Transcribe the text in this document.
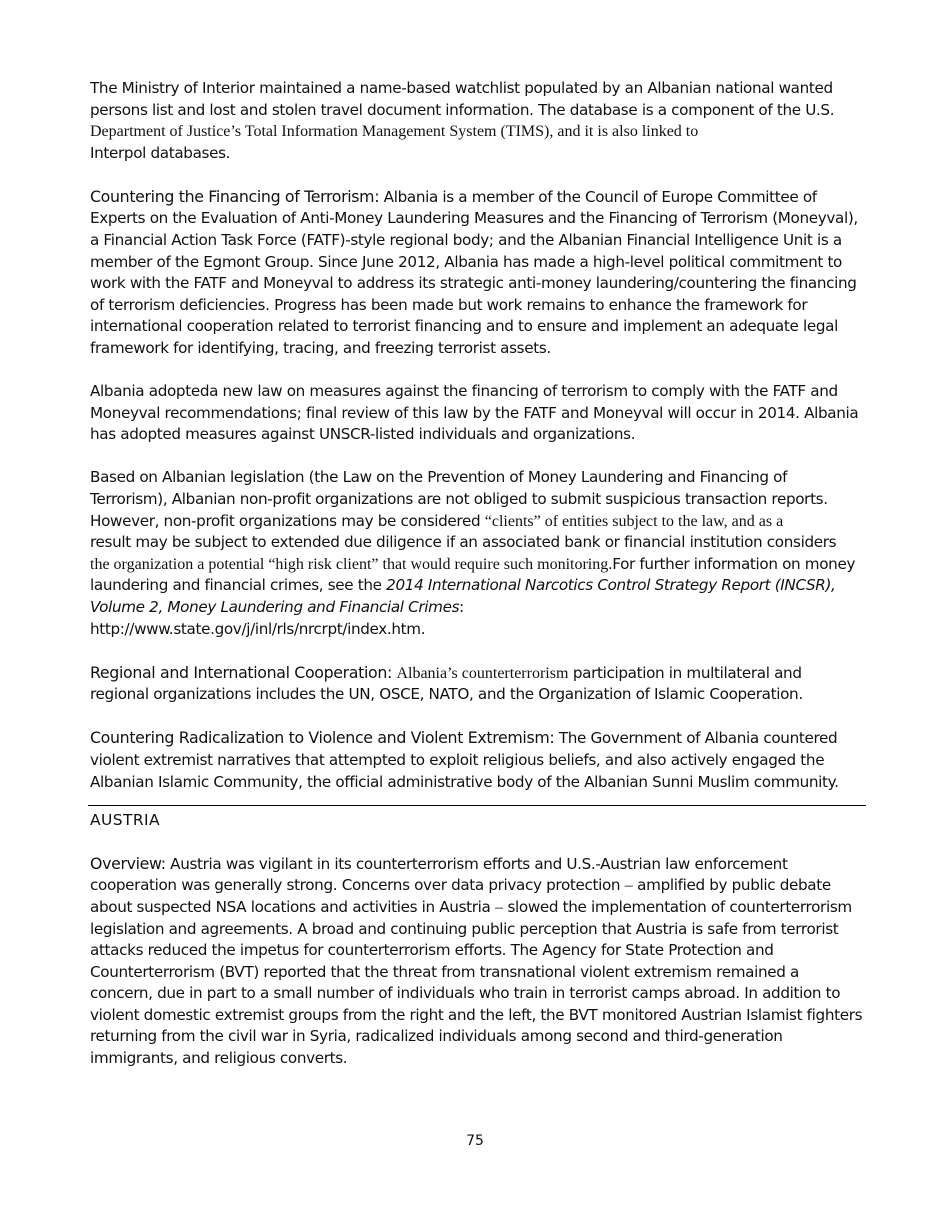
The Ministry of Interior maintained a name-based watchlist populated by an Albanian national wanted persons list and lost and stolen travel document information. The database is a component of the U.S.
Department of Justice’s Total Information Management System (TIMS), and it is also linked to
Interpol databases.

Countering the Financing of Terrorism: Albania is a member of the Council of Europe Committee of Experts on the Evaluation of Anti-Money Laundering Measures and the Financing of Terrorism (Moneyval), a Financial Action Task Force (FATF)-style regional body; and the Albanian Financial Intelligence Unit is a member of the Egmont Group. Since June 2012, Albania has made a high-level political commitment to work with the FATF and Moneyval to address its strategic anti-money laundering/countering the financing of terrorism deficiencies. Progress has been made but work remains to enhance the framework for international cooperation related to terrorist financing and to ensure and implement an adequate legal framework for identifying, tracing, and freezing terrorist assets.

Albania adopteda new law on measures against the financing of terrorism to comply with the FATF and Moneyval recommendations; final review of this law by the FATF and Moneyval will occur in 2014. Albania has adopted measures against UNSCR-listed individuals and organizations.

Based on Albanian legislation (the Law on the Prevention of Money Laundering and Financing of Terrorism), Albanian non-profit organizations are not obliged to submit suspicious transaction reports. However, non-profit organizations may be considered “clients” of entities subject to the law, and as a
result may be subject to extended due diligence if an associated bank or financial institution considers
the organization a potential “high risk client” that would require such monitoring.For further information on money laundering and financial crimes, see the 2014 International Narcotics Control Strategy Report (INCSR), Volume 2, Money Laundering and Financial Crimes:
http://www.state.gov/j/inl/rls/nrcrpt/index.htm.

Regional and International Cooperation: Albania’s counterterrorism participation in multilateral and regional organizations includes the UN, OSCE, NATO, and the Organization of Islamic Cooperation.

Countering Radicalization to Violence and Violent Extremism: The Government of Albania countered violent extremist narratives that attempted to exploit religious beliefs, and also actively engaged the Albanian Islamic Community, the official administrative body of the Albanian Sunni Muslim community.

AUSTRIA

Overview: Austria was vigilant in its counterterrorism efforts and U.S.-Austrian law enforcement cooperation was generally strong. Concerns over data privacy protection – amplified by public debate about suspected NSA locations and activities in Austria – slowed the implementation of counterterrorism legislation and agreements. A broad and continuing public perception that Austria is safe from terrorist attacks reduced the impetus for counterterrorism efforts. The Agency for State Protection and Counterterrorism (BVT) reported that the threat from transnational violent extremism remained a concern, due in part to a small number of individuals who train in terrorist camps abroad. In addition to violent domestic extremist groups from the right and the left, the BVT monitored Austrian Islamist fighters returning from the civil war in Syria, radicalized individuals among second and third-generation immigrants, and religious converts.

75
